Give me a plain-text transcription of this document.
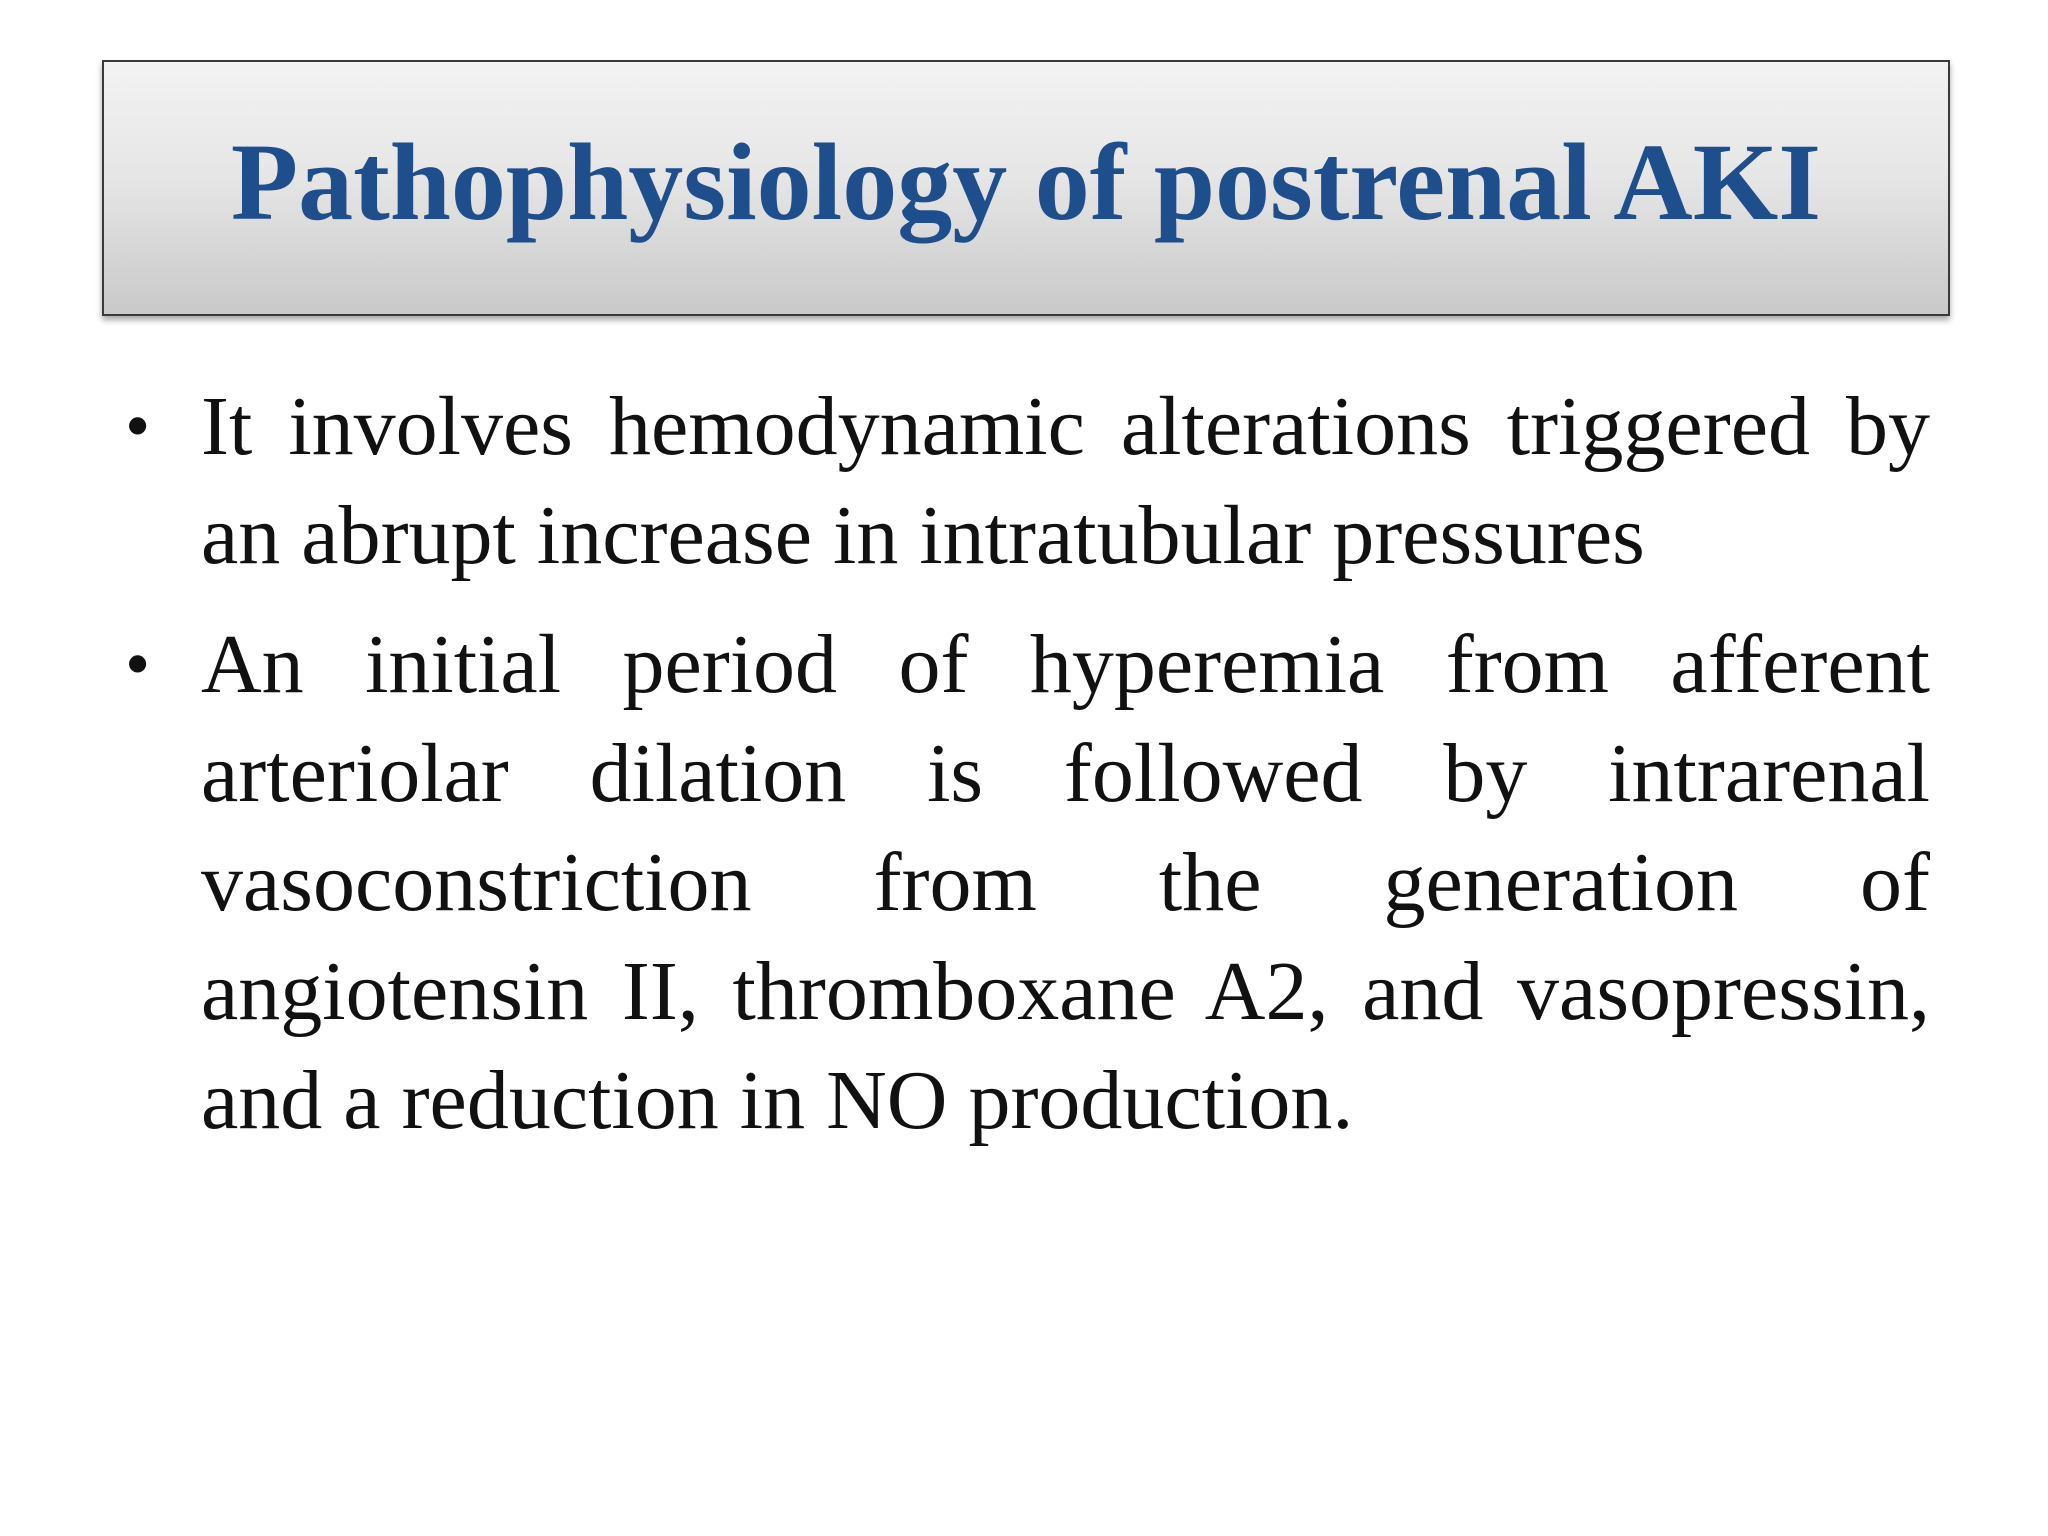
Pathophysiology of postrenal AKI
• It involves hemodynamic alterations triggered by an abrupt increase in intratubular pressures
• An initial period of hyperemia from afferent arteriolar dilation is followed by intrarenal vasoconstriction from the generation of angiotensin II, thromboxane A2, and vasopressin, and a reduction in NO production.
